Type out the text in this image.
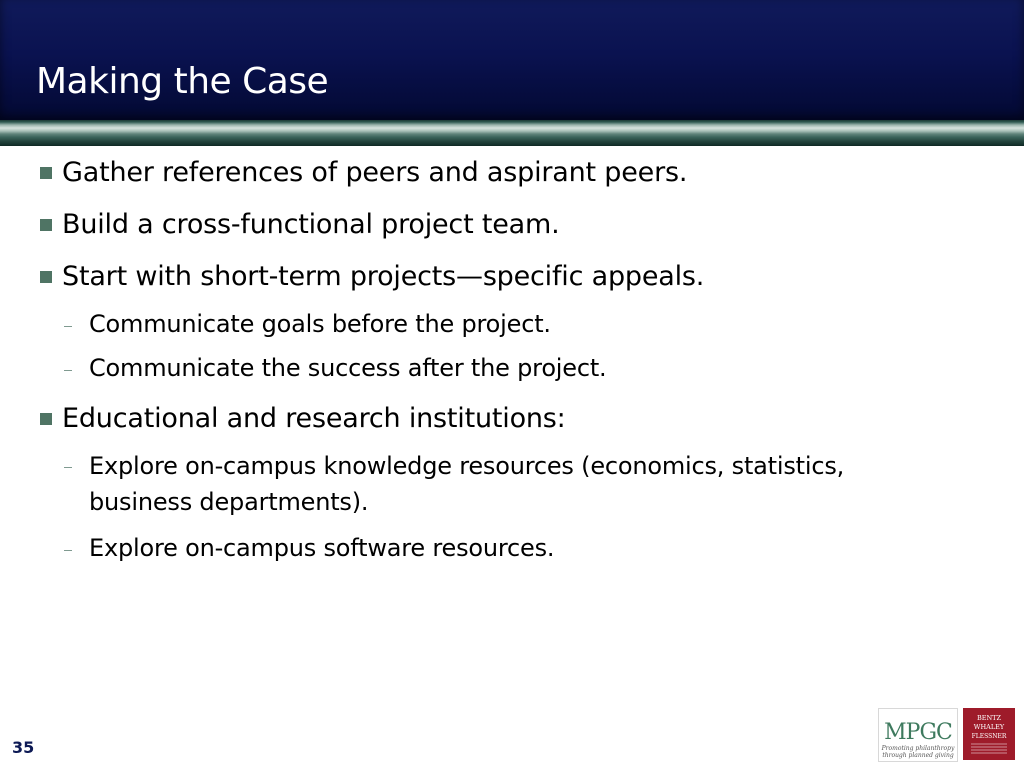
Making the Case
Gather references of peers and aspirant peers.
Build a cross-functional project team.
Start with short-term projects—specific appeals.
Communicate goals before the project.
Communicate the success after the project.
Educational and research institutions:
Explore on-campus knowledge resources (economics, statistics,
business departments).
Explore on-campus software resources.
35
MPGC
Promoting philanthropy
through planned giving
BENTZ
WHALEY
FLESSNER
